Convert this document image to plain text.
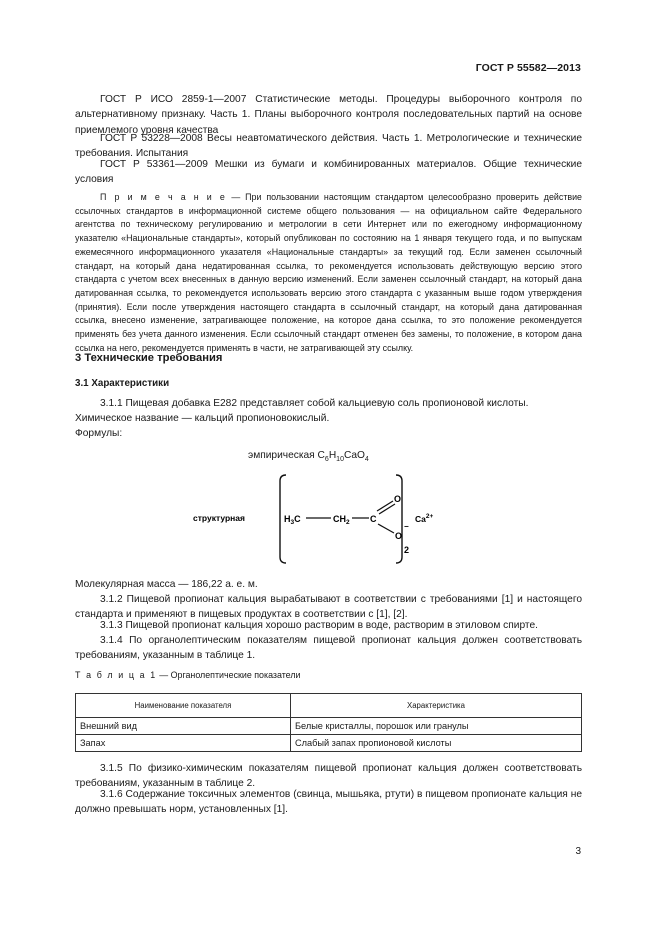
ГОСТ Р 55582—2013
ГОСТ Р ИСО 2859-1—2007 Статистические методы. Процедуры выборочного контроля по альтернативному признаку. Часть 1. Планы выборочного контроля последовательных партий на основе приемлемого уровня качества
ГОСТ Р 53228—2008 Весы неавтоматического действия. Часть 1. Метрологические и технические требования. Испытания
ГОСТ Р 53361—2009 Мешки из бумаги и комбинированных материалов. Общие технические условия
П р и м е ч а н и е — При пользовании настоящим стандартом целесообразно проверить действие ссылочных стандартов в информационной системе общего пользования — на официальном сайте Федерального агентства по техническому регулированию и метрологии в сети Интернет или по ежегодному информационному указателю «Национальные стандарты», который опубликован по состоянию на 1 января текущего года, и по выпускам ежемесячного информационного указателя «Национальные стандарты» за текущий год. Если заменен ссылочный стандарт, на который дана недатированная ссылка, то рекомендуется использовать действующую версию этого стандарта с учетом всех внесенных в данную версию изменений. Если заменен ссылочный стандарт, на который дана датированная ссылка, то рекомендуется использовать версию этого стандарта с указанным выше годом утверждения (принятия). Если после утверждения настоящего стандарта в ссылочный стандарт, на который дана датированная ссылка, внесено изменение, затрагивающее положение, на которое дана ссылка, то это положение рекомендуется применять без учета данного изменения. Если ссылочный стандарт отменен без замены, то положение, в котором дана ссылка на него, рекомендуется применять в части, не затрагивающей эту ссылку.
3 Технические требования
3.1 Характеристики
3.1.1 Пищевая добавка Е282 представляет собой кальциевую соль пропионовой кислоты.
Химическое название — кальций пропионовокислый.
Формулы:
эмпирическая $C_6H_{10}CaO_4$
структурная	$H_3C$	$CH_2$ C
O
O
−
$Ca^{2+}$
2
Молекулярная масса — 186,22 а. е. м.
3.1.2 Пищевой пропионат кальция вырабатывают в соответствии с требованиями [1] и настоящего стандарта и применяют в пищевых продуктах в соответствии с [1], [2].
3.1.3 Пищевой пропионат кальция хорошо растворим в воде, растворим в этиловом спирте.
3.1.4 По органолептическим показателям пищевой пропионат кальция должен соответствовать требованиям, указанным в таблице 1.
Т а б л и ц а 1 — Органолептические показатели
Наименование показателя	Характеристика
Внешний вид	Белые кристаллы, порошок или гранулы
Запах	Слабый запах пропионовой кислоты
3.1.5 По физико-химическим показателям пищевой пропионат кальция должен соответствовать требованиям, указанным в таблице 2.
3.1.6 Содержание токсичных элементов (свинца, мышьяка, ртути) в пищевом пропионате кальция не должно превышать норм, установленных [1].
3
